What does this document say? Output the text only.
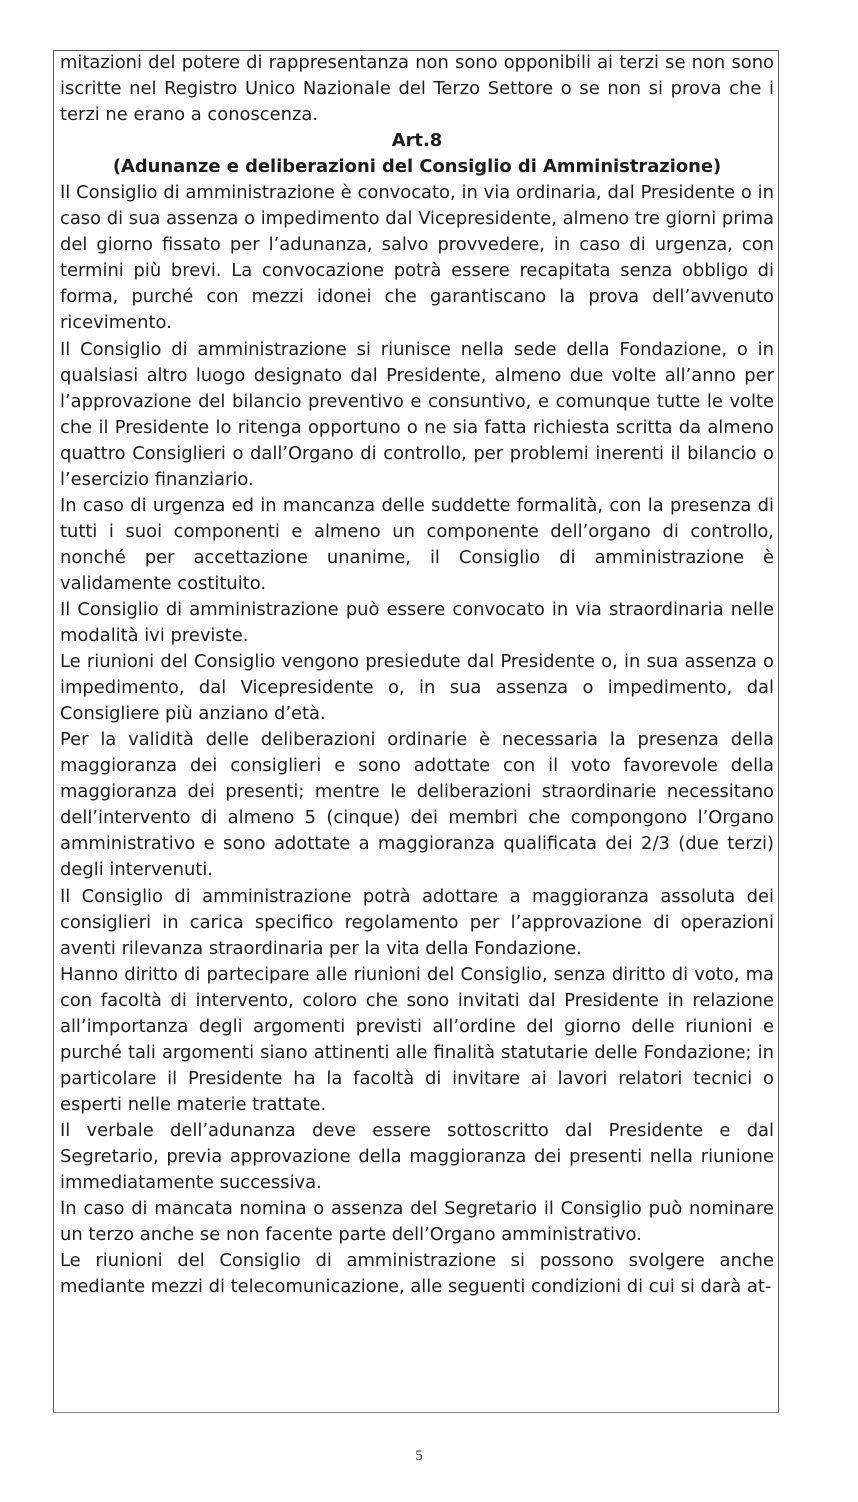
mitazioni del potere di rappresentanza non sono opponibili ai terzi se non sono iscritte nel Registro Unico Nazionale del Terzo Settore o se non si prova che i terzi ne erano a conoscenza.

Art.8

(Adunanze e deliberazioni del Consiglio di Amministrazione)

Il Consiglio di amministrazione è convocato, in via ordinaria, dal Presidente o in caso di sua assenza o impedimento dal Vicepresidente, almeno tre giorni prima del giorno fissato per l’adunanza, salvo provvedere, in caso di urgenza, con termini più brevi. La convocazione potrà essere recapitata senza obbligo di forma, purché con mezzi idonei che garantiscano la prova dell’avvenuto ricevimento.

Il Consiglio di amministrazione si riunisce nella sede della Fondazione, o in qualsiasi altro luogo designato dal Presidente, almeno due volte all’anno per l’approvazione del bilancio preventivo e consuntivo, e comunque tutte le volte che il Presidente lo ritenga opportuno o ne sia fatta richiesta scritta da almeno quattro Consiglieri o dall’Organo di controllo, per problemi inerenti il bilancio o l’esercizio finanziario.

In caso di urgenza ed in mancanza delle suddette formalità, con la presenza di tutti i suoi componenti e almeno un componente dell’organo di controllo, nonché per accettazione unanime, il Consiglio di amministrazione è validamente costituito.

Il Consiglio di amministrazione può essere convocato in via straordinaria nelle modalità ivi previste.

Le riunioni del Consiglio vengono presiedute dal Presidente o, in sua assenza o impedimento, dal Vicepresidente o, in sua assenza o impedimento, dal Consigliere più anziano d’età.

Per la validità delle deliberazioni ordinarie è necessaria la presenza della maggioranza dei consiglieri e sono adottate con il voto favorevole della maggioranza dei presenti; mentre le deliberazioni straordinarie necessitano dell’intervento di almeno 5 (cinque) dei membri che compongono l’Organo amministrativo e sono adottate a maggioranza qualificata dei 2/3 (due terzi) degli intervenuti.

Il Consiglio di amministrazione potrà adottare a maggioranza assoluta dei consiglieri in carica specifico regolamento per l’approvazione di operazioni aventi rilevanza straordinaria per la vita della Fondazione.

Hanno diritto di partecipare alle riunioni del Consiglio, senza diritto di voto, ma con facoltà di intervento, coloro che sono invitati dal Presidente in relazione all’importanza degli argomenti previsti all’ordine del giorno delle riunioni e purché tali argomenti siano attinenti alle finalità statutarie delle Fondazione; in particolare il Presidente ha la facoltà di invitare ai lavori relatori tecnici o esperti nelle materie trattate.

Il verbale dell’adunanza deve essere sottoscritto dal Presidente e dal Segretario, previa approvazione della maggioranza dei presenti nella riunione immediatamente successiva.

In caso di mancata nomina o assenza del Segretario il Consiglio può nominare un terzo anche se non facente parte dell’Organo amministrativo.

Le riunioni del Consiglio di amministrazione si possono svolgere anche mediante mezzi di telecomunicazione, alle seguenti condizioni di cui si darà at-

5
